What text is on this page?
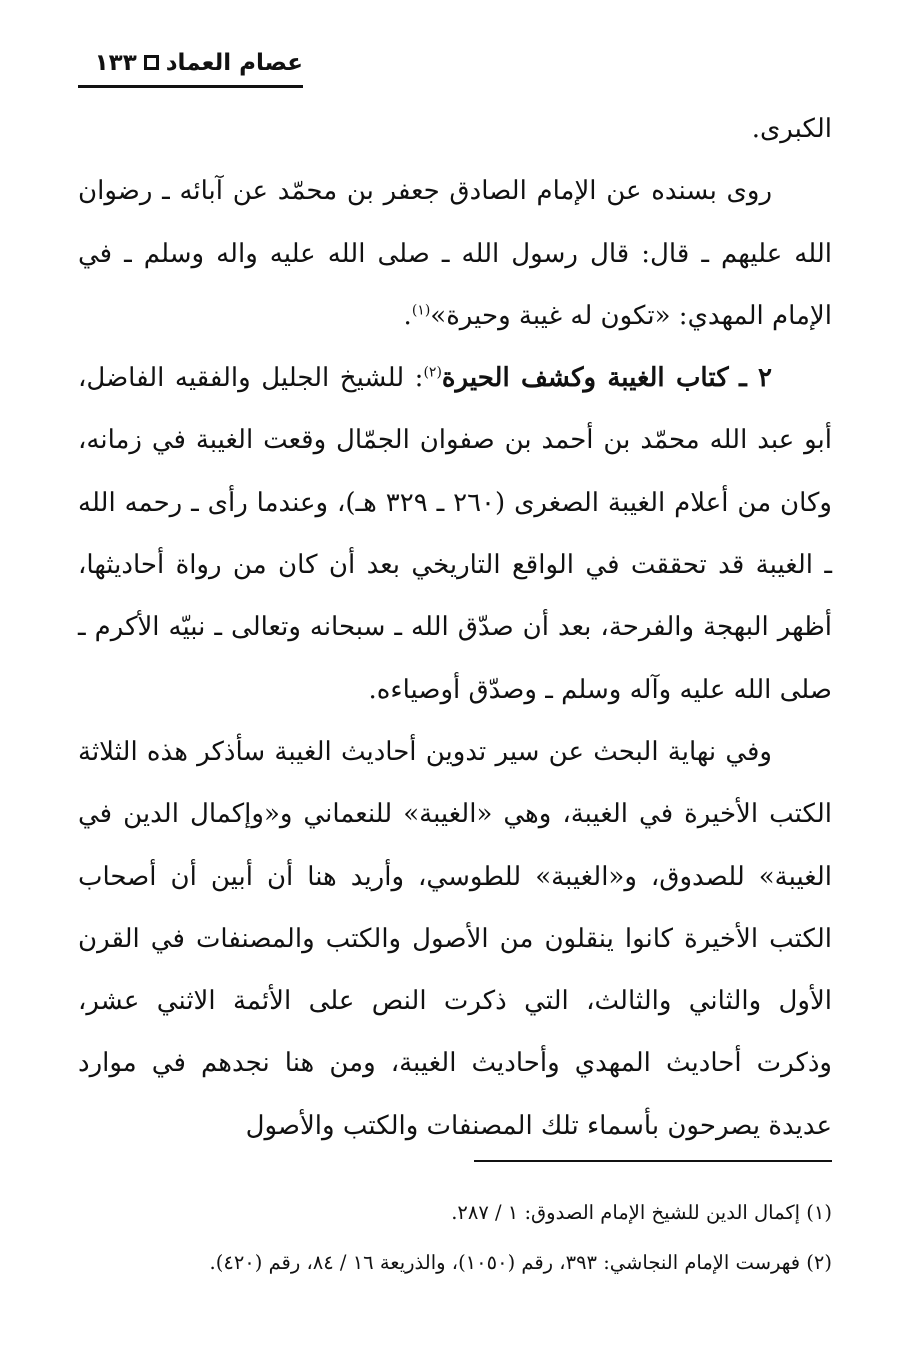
عصام العماد١٣٣

الكبرى.

روى بسنده عن الإمام الصادق جعفر بن محمّد عن آبائه ـ رضوان الله عليهم ـ قال: قال رسول الله ـ صلى الله عليه واله وسلم ـ في الإمام المهدي: «تكون له غيبة وحيرة»$^{(١)}$.

٢ ـ كتاب الغيبة وكشف الحيرة$^{(٢)}$: للشيخ الجليل والفقيه الفاضل، أبو عبد الله محمّد بن أحمد بن صفوان الجمّال وقعت الغيبة في زمانه، وكان من أعلام الغيبة الصغرى (٢٦٠ ـ ٣٢٩ هـ)، وعندما رأى ـ رحمه الله ـ الغيبة قد تحققت في الواقع التاريخي بعد أن كان من رواة أحاديثها، أظهر البهجة والفرحة، بعد أن صدّق الله ـ سبحانه وتعالى ـ نبيّه الأكرم ـ صلى الله عليه وآله وسلم ـ وصدّق أوصياءه.

وفي نهاية البحث عن سير تدوين أحاديث الغيبة سأذكر هذه الثلاثة الكتب الأخيرة في الغيبة، وهي «الغيبة» للنعماني و«وإكمال الدين في الغيبة» للصدوق، و«الغيبة» للطوسي، وأريد هنا أن أبين أن أصحاب الكتب الأخيرة كانوا ينقلون من الأصول والكتب والمصنفات في القرن الأول والثاني والثالث، التي ذكرت النص على الأئمة الاثني عشر، وذكرت أحاديث المهدي وأحاديث الغيبة، ومن هنا نجدهم في موارد عديدة يصرحون بأسماء تلك المصنفات والكتب والأصول

(١) إكمال الدين للشيخ الإمام الصدوق: ١ / ٢٨٧.

(٢) فهرست الإمام النجاشي: ٣٩٣، رقم (١٠٥٠)، والذريعة ١٦ / ٨٤، رقم (٤٢٠).
